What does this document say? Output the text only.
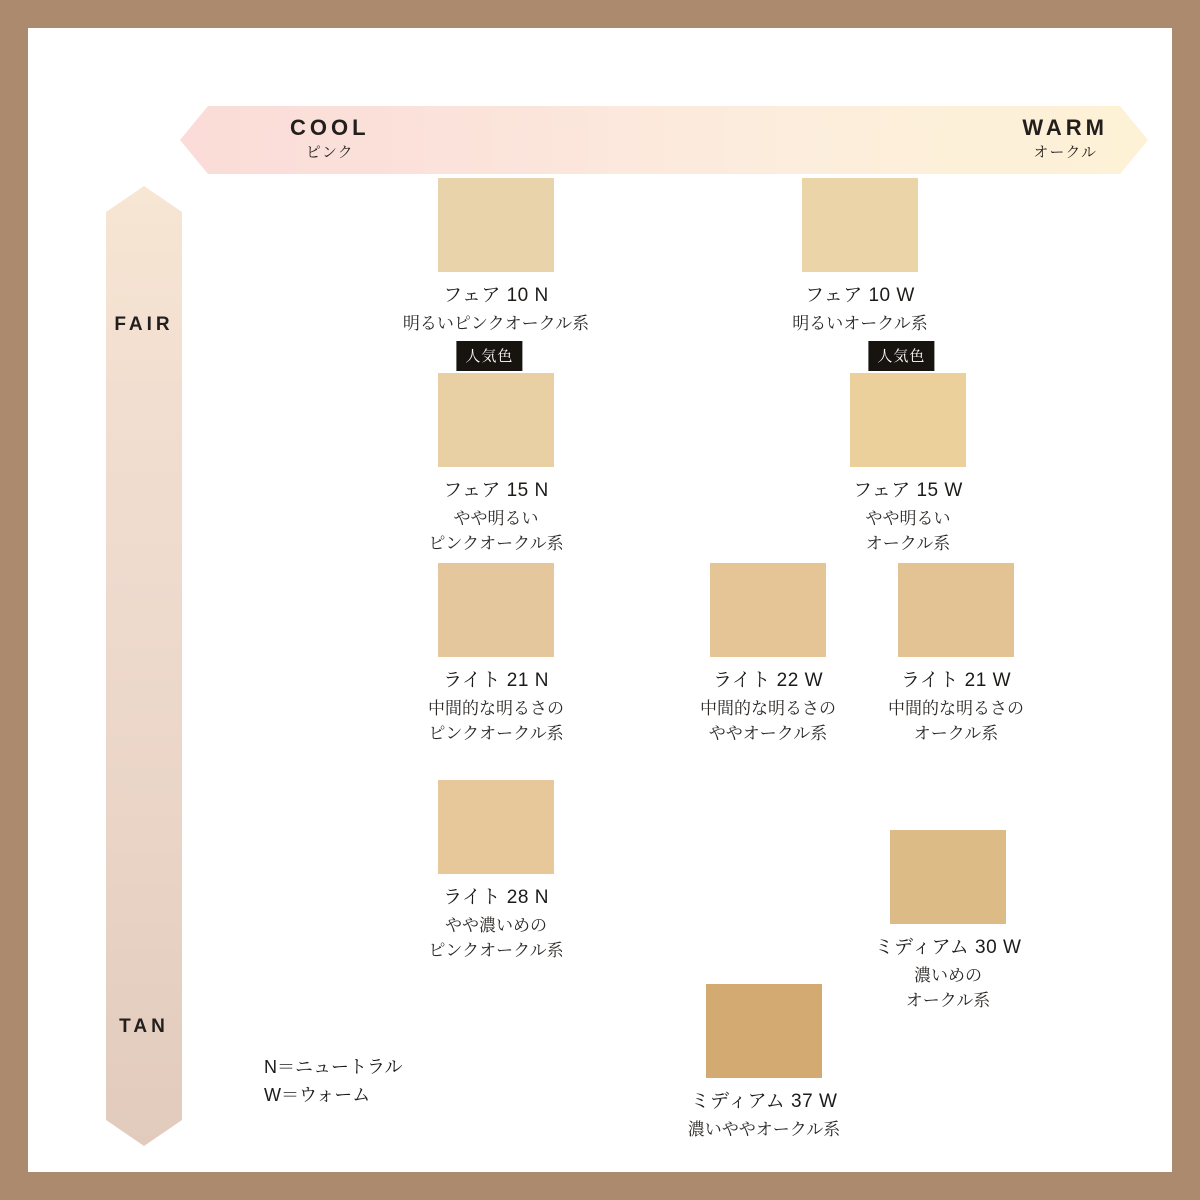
COOL
ピンク
WARM
オークル
FAIR
TAN
フェア 10 N
明るいピンクオークル系
フェア 10 W
明るいオークル系
人気色
フェア 15 N
やや明るい
ピンクオークル系
人気色
フェア 15 W
やや明るい
オークル系
ライト 21 N
中間的な明るさの
ピンクオークル系
ライト 22 W
中間的な明るさの
ややオークル系
ライト 21 W
中間的な明るさの
オークル系
ライト 28 N
やや濃いめの
ピンクオークル系	ミディアム 30 W
濃いめの
オークル系
ミディアム 37 W
濃いややオークル系
N＝ニュートラル
W＝ウォーム
